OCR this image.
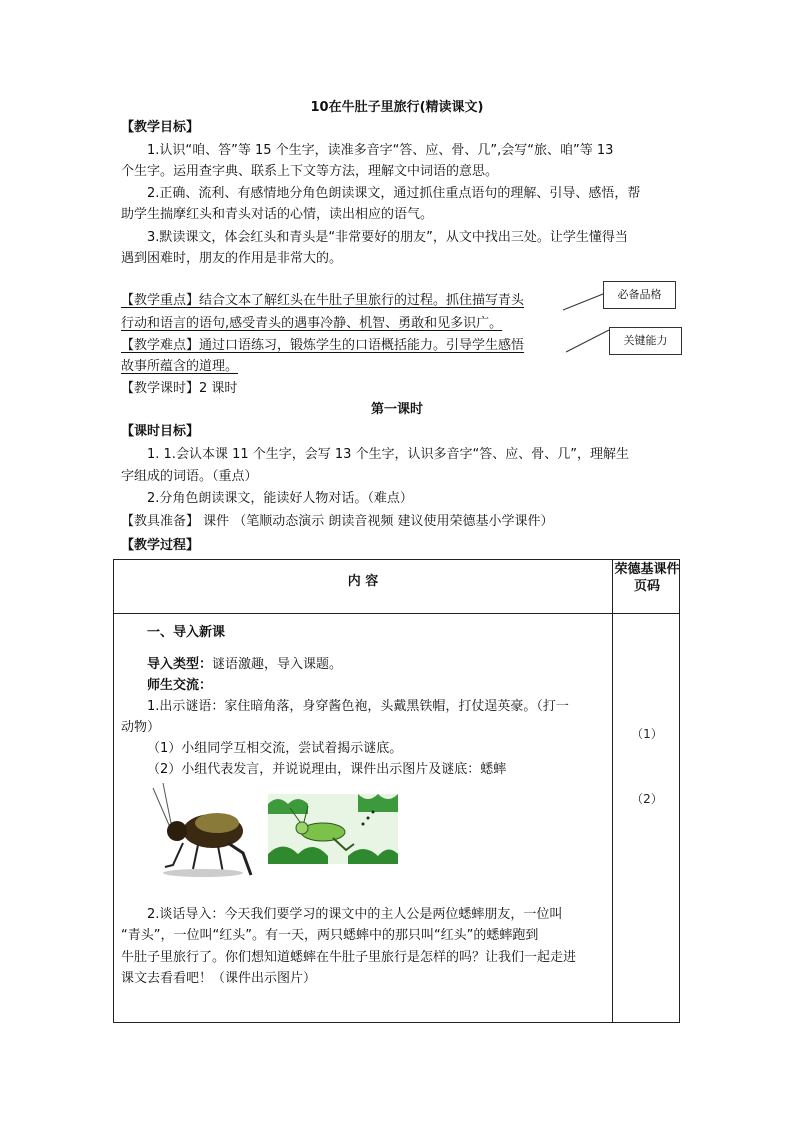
10在牛肚子里旅行(精读课文)
【教学目标】
1.认识“咱、答”等 15 个生字，读准多音字“答、应、骨、几”,会写“旅、咱”等 13
个生字。运用查字典、联系上下文等方法，理解文中词语的意思。
2.正确、流利、有感情地分角色朗读课文，通过抓住重点语句的理解、引导、感悟，帮
助学生揣摩红头和青头对话的心情，读出相应的语气。
3.默读课文，体会红头和青头是“非常要好的朋友”，从文中找出三处。让学生懂得当
遇到困难时，朋友的作用是非常大的。
【教学重点】结合文本了解红头在牛肚子里旅行的过程。抓住描写青头
行动和语言的语句,感受青头的遇事冷静、机智、勇敢和见多识广。
【教学难点】通过口语练习，锻炼学生的口语概括能力。引导学生感悟
故事所蕴含的道理。
必备品格
关键能力
【教学课时】2 课时
第一课时
【课时目标】
1. 1.会认本课 11 个生字，会写 13 个生字，认识多音字“答、应、骨、几”，理解生
字组成的词语。（重点）
2.分角色朗读课文，能读好人物对话。（难点）
【教具准备】 课件 （笔顺动态演示 朗读音视频 建议使用荣德基小学课件）
【教学过程】
内 容
荣德基课件页码
（1）
（2）
一、导入新课
导入类型：谜语激趣，导入课题。
师生交流：
1.出示谜语：家住暗角落，身穿酱色袍，头戴黑铁帽，打仗逞英豪。（打一
动物）
（1）小组同学互相交流，尝试着揭示谜底。
（2）小组代表发言，并说说理由，课件出示图片及谜底：蟋蟀
2.谈话导入：今天我们要学习的课文中的主人公是两位蟋蟀朋友，一位叫
“青头”，一位叫“红头”。有一天，两只蟋蟀中的那只叫“红头”的蟋蟀跑到
牛肚子里旅行了。你们想知道蟋蟀在牛肚子里旅行是怎样的吗？让我们一起走进
课文去看看吧！（课件出示图片）
